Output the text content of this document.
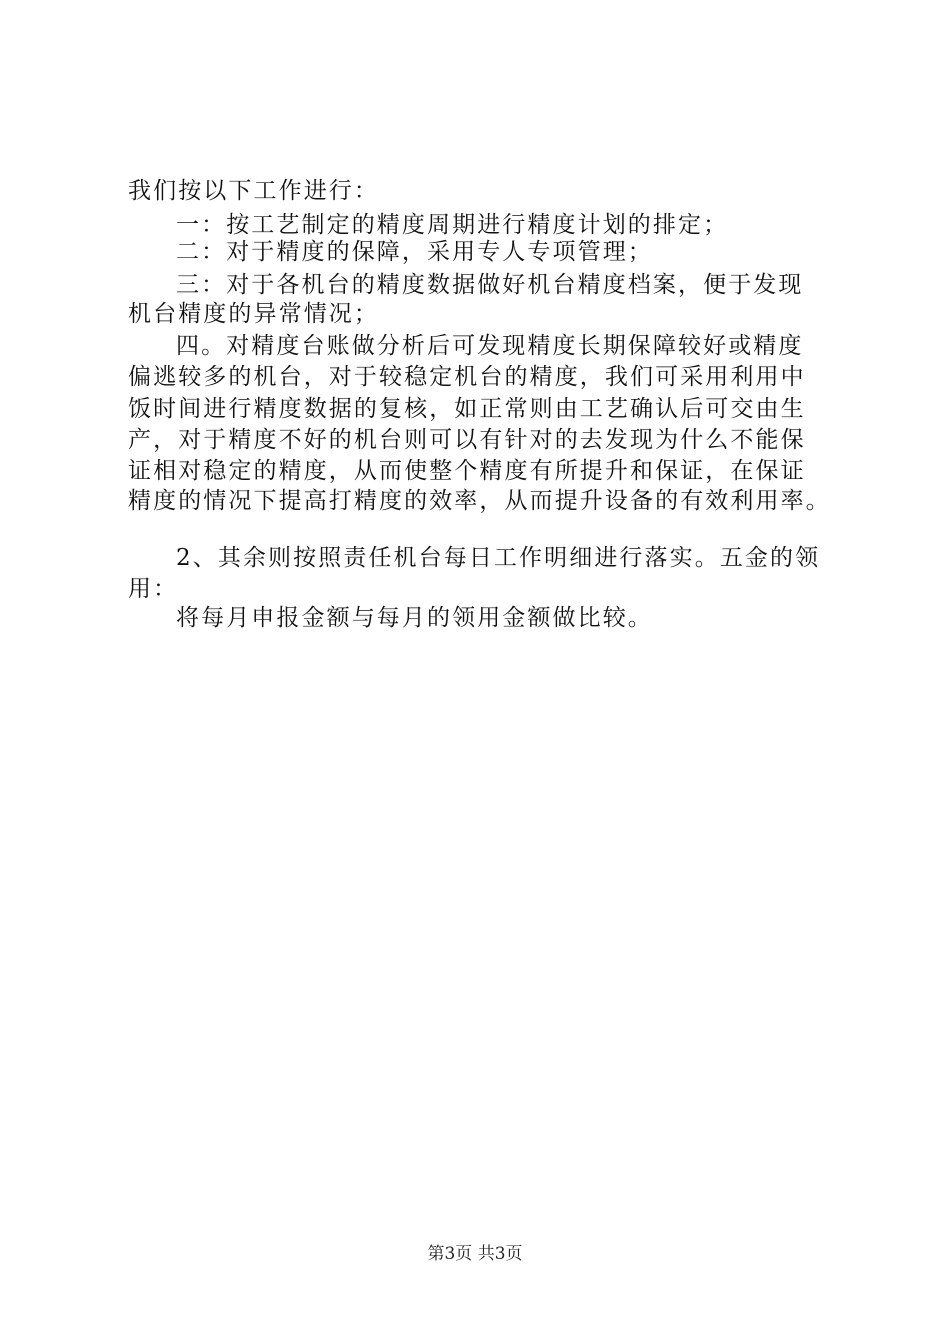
我们按以下工作进行：
一：按工艺制定的精度周期进行精度计划的排定；
二：对于精度的保障，采用专人专项管理；
三：对于各机台的精度数据做好机台精度档案，便于发现
机台精度的异常情况；
四。对精度台账做分析后可发现精度长期保障较好或精度
偏逃较多的机台，对于较稳定机台的精度，我们可采用利用中
饭时间进行精度数据的复核，如正常则由工艺确认后可交由生
产，对于精度不好的机台则可以有针对的去发现为什么不能保
证相对稳定的精度，从而使整个精度有所提升和保证，在保证
精度的情况下提高打精度的效率，从而提升设备的有效利用率。
2、其余则按照责任机台每日工作明细进行落实。五金的领
用：
将每月申报金额与每月的领用金额做比较。
第3页 共3页
